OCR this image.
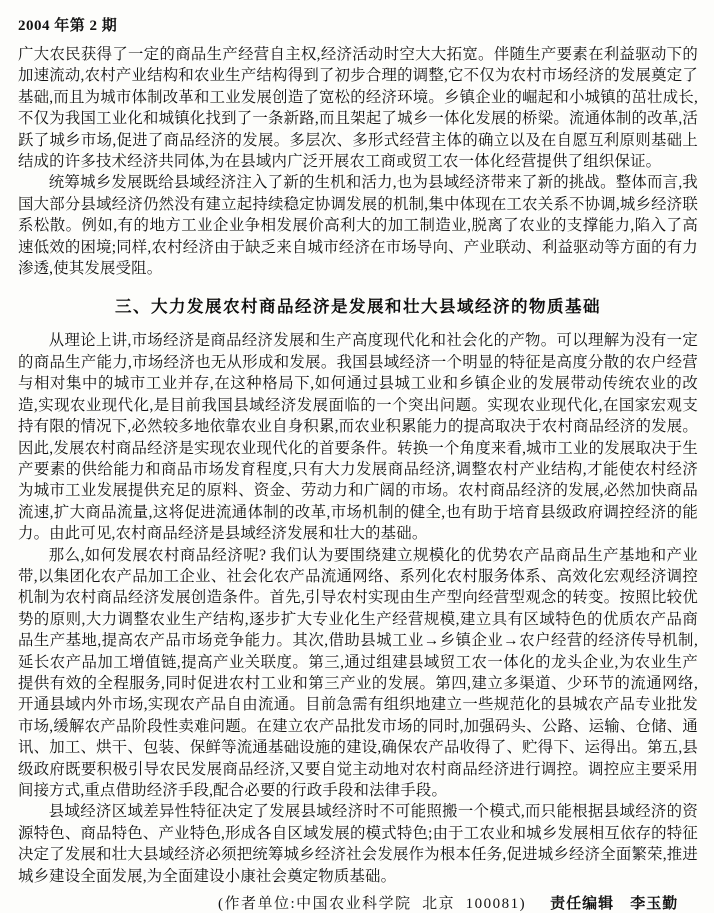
2004 年第 2 期

广大农民获得了一定的商品生产经营自主权,经济活动时空大大拓宽。伴随生产要素在利益驱动下的加速流动,农村产业结构和农业生产结构得到了初步合理的调整,它不仅为农村市场经济的发展奠定了基础,而且为城市体制改革和工业发展创造了宽松的经济环境。乡镇企业的崛起和小城镇的茁壮成长,不仅为我国工业化和城镇化找到了一条新路,而且架起了城乡一体化发展的桥梁。流通体制的改革,活跃了城乡市场,促进了商品经济的发展。多层次、多形式经营主体的确立以及在自愿互利原则基础上结成的许多技术经济共同体,为在县域内广泛开展农工商或贸工农一体化经营提供了组织保证。

统筹城乡发展既给县域经济注入了新的生机和活力,也为县域经济带来了新的挑战。整体而言,我国大部分县域经济仍然没有建立起持续稳定协调发展的机制,集中体现在工农关系不协调,城乡经济联系松散。例如,有的地方工业企业争相发展价高利大的加工制造业,脱离了农业的支撑能力,陷入了高速低效的困境;同样,农村经济由于缺乏来自城市经济在市场导向、产业联动、利益驱动等方面的有力渗透,使其发展受阻。

三、大力发展农村商品经济是发展和壮大县域经济的物质基础

从理论上讲,市场经济是商品经济发展和生产高度现代化和社会化的产物。可以理解为没有一定的商品生产能力,市场经济也无从形成和发展。我国县域经济一个明显的特征是高度分散的农户经营与相对集中的城市工业并存,在这种格局下,如何通过县城工业和乡镇企业的发展带动传统农业的改造,实现农业现代化,是目前我国县域经济发展面临的一个突出问题。实现农业现代化,在国家宏观支持有限的情况下,必然较多地依靠农业自身积累,而农业积累能力的提高取决于农村商品经济的发展。因此,发展农村商品经济是实现农业现代化的首要条件。转换一个角度来看,城市工业的发展取决于生产要素的供给能力和商品市场发育程度,只有大力发展商品经济,调整农村产业结构,才能使农村经济为城市工业发展提供充足的原料、资金、劳动力和广阔的市场。农村商品经济的发展,必然加快商品流速,扩大商品流量,这将促进流通体制的改革,市场机制的健全,也有助于培育县级政府调控经济的能力。由此可见,农村商品经济是县域经济发展和壮大的基础。

那么,如何发展农村商品经济呢? 我们认为要围绕建立规模化的优势农产品商品生产基地和产业带,以集团化农产品加工企业、社会化农产品流通网络、系列化农村服务体系、高效化宏观经济调控机制为农村商品经济发展创造条件。首先,引导农村实现由生产型向经营型观念的转变。按照比较优势的原则,大力调整农业生产结构,逐步扩大专业化生产经营规模,建立具有区域特色的优质农产品商品生产基地,提高农产品市场竞争能力。其次,借助县城工业→乡镇企业→农户经营的经济传导机制,延长农产品加工增值链,提高产业关联度。第三,通过组建县域贸工农一体化的龙头企业,为农业生产提供有效的全程服务,同时促进农村工业和第三产业的发展。第四,建立多渠道、少环节的流通网络,开通县域内外市场,实现农产品自由流通。目前急需有组织地建立一些规范化的县城农产品专业批发市场,缓解农产品阶段性卖难问题。在建立农产品批发市场的同时,加强码头、公路、运输、仓储、通讯、加工、烘干、包装、保鲜等流通基础设施的建设,确保农产品收得了、贮得下、运得出。第五,县级政府既要积极引导农民发展商品经济,又要自觉主动地对农村商品经济进行调控。调控应主要采用间接方式,重点借助经济手段,配合必要的行政手段和法律手段。

县域经济区域差异性特征决定了发展县域经济时不可能照搬一个模式,而只能根据县域经济的资源特色、商品特色、产业特色,形成各自区域发展的模式特色;由于工农业和城乡发展相互依存的特征决定了发展和壮大县域经济必须把统筹城乡经济社会发展作为根本任务,促进城乡经济全面繁荣,推进城乡建设全面发展,为全面建设小康社会奠定物质基础。

(作者单位:中国农业科学院  北京  100081) 责任编辑 李玉勤
